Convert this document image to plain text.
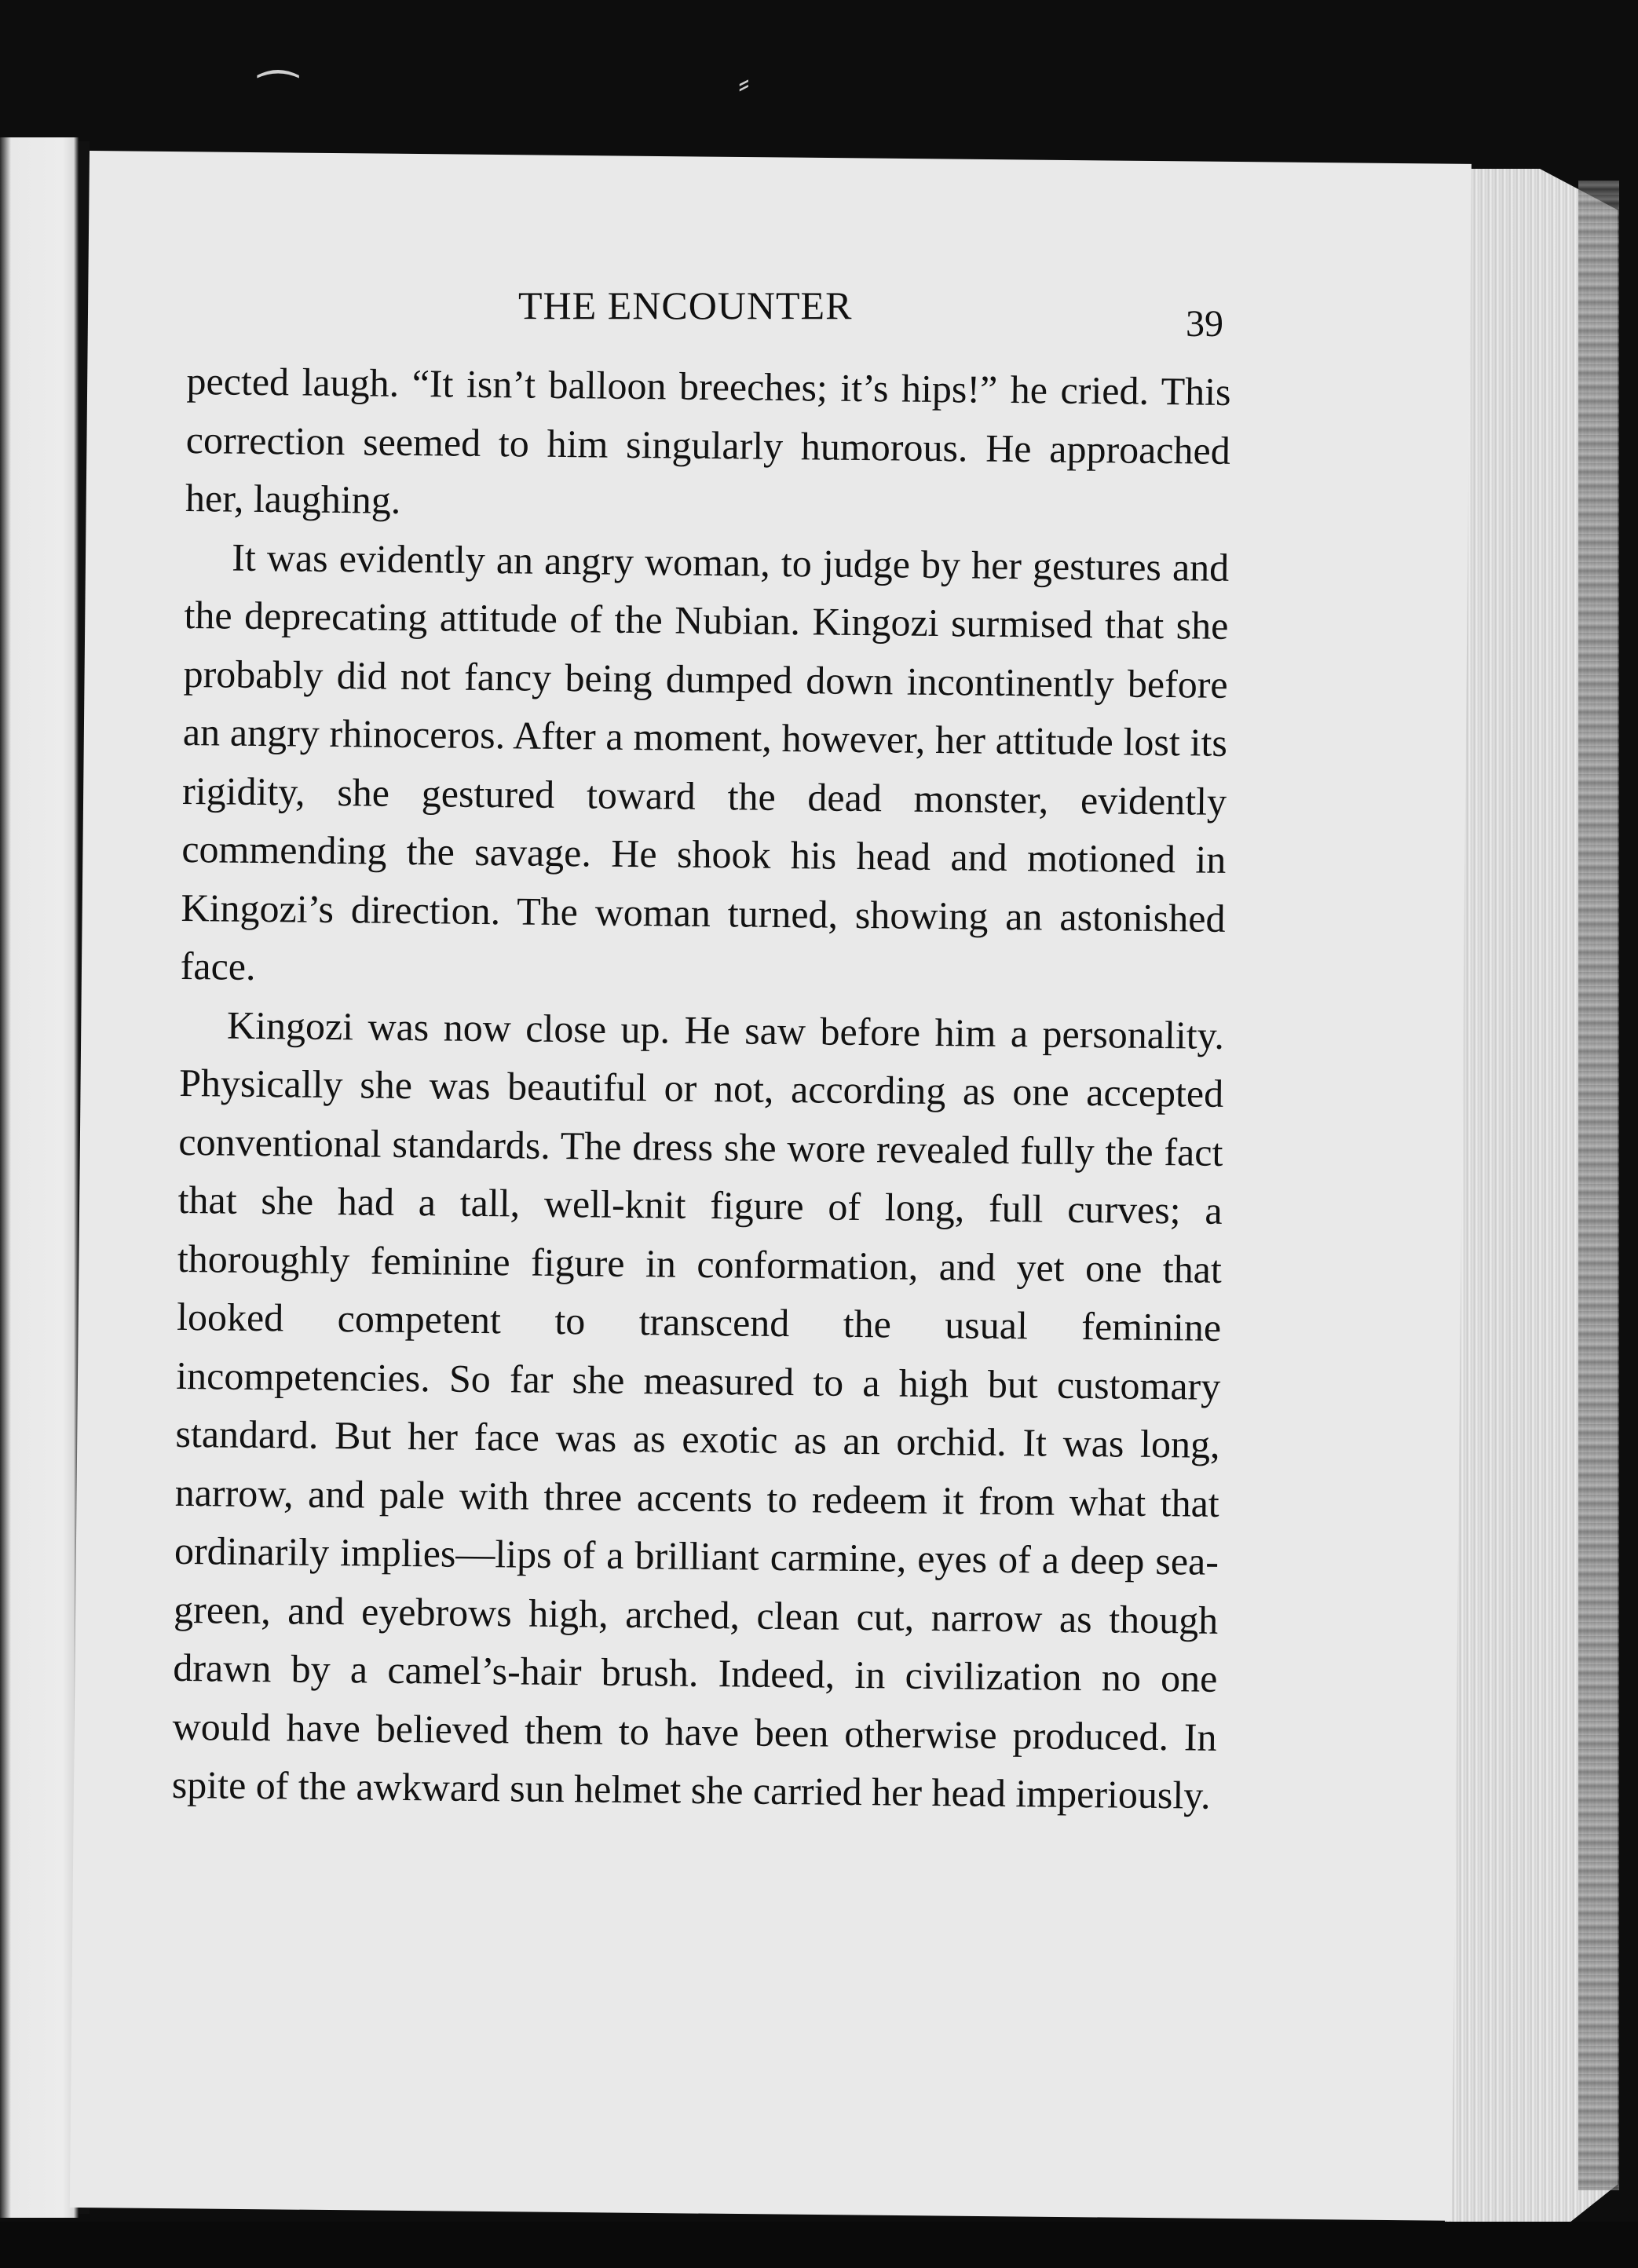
⁔
⸗
THE ENCOUNTER	39

pected laugh. “It isn’t balloon breeches; it’s hips!” he cried. This correction seemed to him singularly humorous. He approached her, laughing.

It was evidently an angry woman, to judge by her gestures and the deprecating attitude of the Nubian. Kingozi surmised that she probably did not fancy being dumped down incontinently before an angry rhinoceros. After a moment, however, her attitude lost its rigidity, she gestured toward the dead monster, evidently commending the savage. He shook his head and motioned in Kingozi’s direction. The woman turned, showing an astonished face.

Kingozi was now close up. He saw before him a personality. Physically she was beautiful or not, according as one accepted conventional standards. The dress she wore revealed fully the fact that she had a tall, well-knit figure of long, full curves; a thoroughly feminine figure in conformation, and yet one that looked competent to transcend the usual feminine incompetencies. So far she measured to a high but customary standard. But her face was as exotic as an orchid. It was long, narrow, and pale with three accents to redeem it from what that ordinarily implies—lips of a brilliant carmine, eyes of a deep sea-green, and eyebrows high, arched, clean cut, narrow as though drawn by a camel’s-hair brush. Indeed, in civilization no one would have believed them to have been otherwise produced. In spite of the awkward sun helmet she carried her head imperiously.
